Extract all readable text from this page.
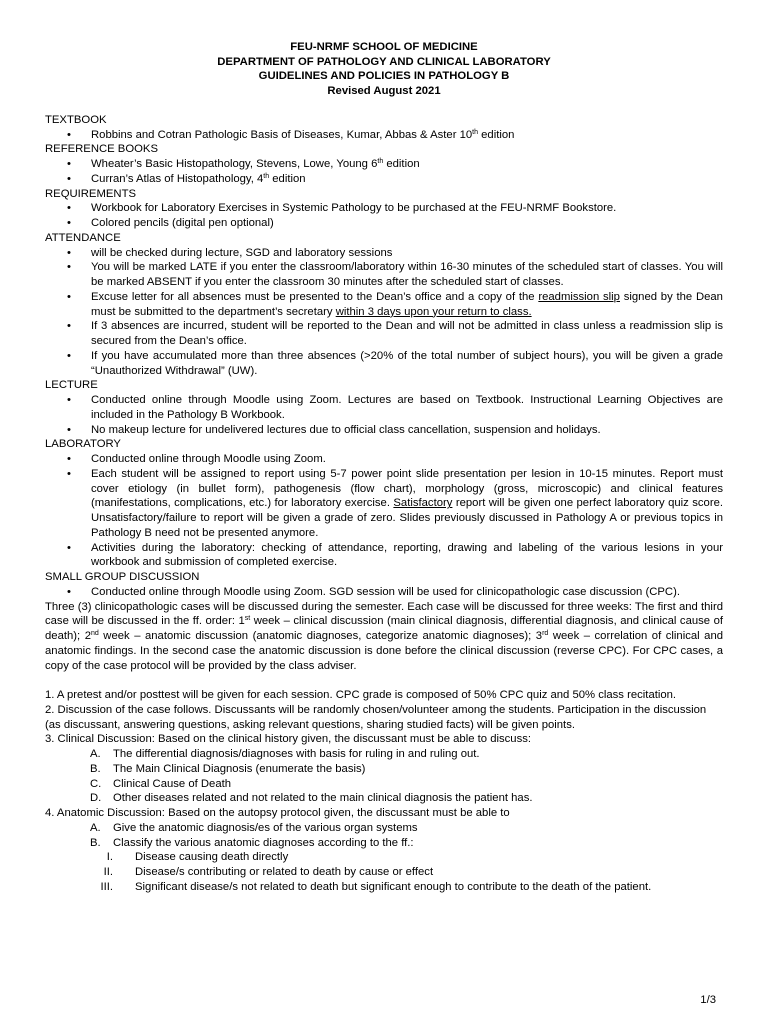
FEU-NRMF SCHOOL OF MEDICINE
DEPARTMENT OF PATHOLOGY AND CLINICAL LABORATORY
GUIDELINES AND POLICIES IN PATHOLOGY B
Revised August 2021
TEXTBOOK
• Robbins and Cotran Pathologic Basis of Diseases, Kumar, Abbas & Aster 10th edition
REFERENCE BOOKS
• Wheater’s Basic Histopathology, Stevens, Lowe, Young 6th edition
• Curran’s Atlas of Histopathology, 4th edition
REQUIREMENTS
• Workbook for Laboratory Exercises in Systemic Pathology to be purchased at the FEU-NRMF Bookstore.
• Colored pencils (digital pen optional)
ATTENDANCE
• will be checked during lecture, SGD and laboratory sessions
• You will be marked LATE if you enter the classroom/laboratory within 16-30 minutes of the scheduled start of classes. You will be marked ABSENT if you enter the classroom 30 minutes after the scheduled start of classes.
• Excuse letter for all absences must be presented to the Dean’s office and a copy of the readmission slip signed by the Dean must be submitted to the department’s secretary within 3 days upon your return to class.
• If 3 absences are incurred, student will be reported to the Dean and will not be admitted in class unless a readmission slip is secured from the Dean’s office.
• If you have accumulated more than three absences (>20% of the total number of subject hours), you will be given a grade “Unauthorized Withdrawal” (UW).
LECTURE
• Conducted online through Moodle using Zoom. Lectures are based on Textbook. Instructional Learning Objectives are included in the Pathology B Workbook.
• No makeup lecture for undelivered lectures due to official class cancellation, suspension and holidays.
LABORATORY
• Conducted online through Moodle using Zoom.
• Each student will be assigned to report using 5-7 power point slide presentation per lesion in 10-15 minutes. Report must cover etiology (in bullet form), pathogenesis (flow chart), morphology (gross, microscopic) and clinical features (manifestations, complications, etc.) for laboratory exercise. Satisfactory report will be given one perfect laboratory quiz score. Unsatisfactory/failure to report will be given a grade of zero. Slides previously discussed in Pathology A or previous topics in Pathology B need not be presented anymore.
• Activities during the laboratory: checking of attendance, reporting, drawing and labeling of the various lesions in your workbook and submission of completed exercise.
SMALL GROUP DISCUSSION
• Conducted online through Moodle using Zoom. SGD session will be used for clinicopathologic case discussion (CPC).
Three (3) clinicopathologic cases will be discussed during the semester. Each case will be discussed for three weeks: The first and third case will be discussed in the ff. order: 1st week – clinical discussion (main clinical diagnosis, differential diagnosis, and clinical cause of death); 2nd week – anatomic discussion (anatomic diagnoses, categorize anatomic diagnoses); 3rd week – correlation of clinical and anatomic findings. In the second case the anatomic discussion is done before the clinical discussion (reverse CPC). For CPC cases, a copy of the case protocol will be provided by the class adviser.
1. A pretest and/or posttest will be given for each session. CPC grade is composed of 50% CPC quiz and 50% class recitation.
2. Discussion of the case follows. Discussants will be randomly chosen/volunteer among the students. Participation in the discussion (as discussant, answering questions, asking relevant questions, sharing studied facts) will be given points.
3. Clinical Discussion: Based on the clinical history given, the discussant must be able to discuss:
A. The differential diagnosis/diagnoses with basis for ruling in and ruling out.
B. The Main Clinical Diagnosis (enumerate the basis)
C. Clinical Cause of Death
D. Other diseases related and not related to the main clinical diagnosis the patient has.
4. Anatomic Discussion: Based on the autopsy protocol given, the discussant must be able to
A. Give the anatomic diagnosis/es of the various organ systems
B. Classify the various anatomic diagnoses according to the ff.:
I. Disease causing death directly
II. Disease/s contributing or related to death by cause or effect
III. Significant disease/s not related to death but significant enough to contribute to the death of the patient.
1/3
